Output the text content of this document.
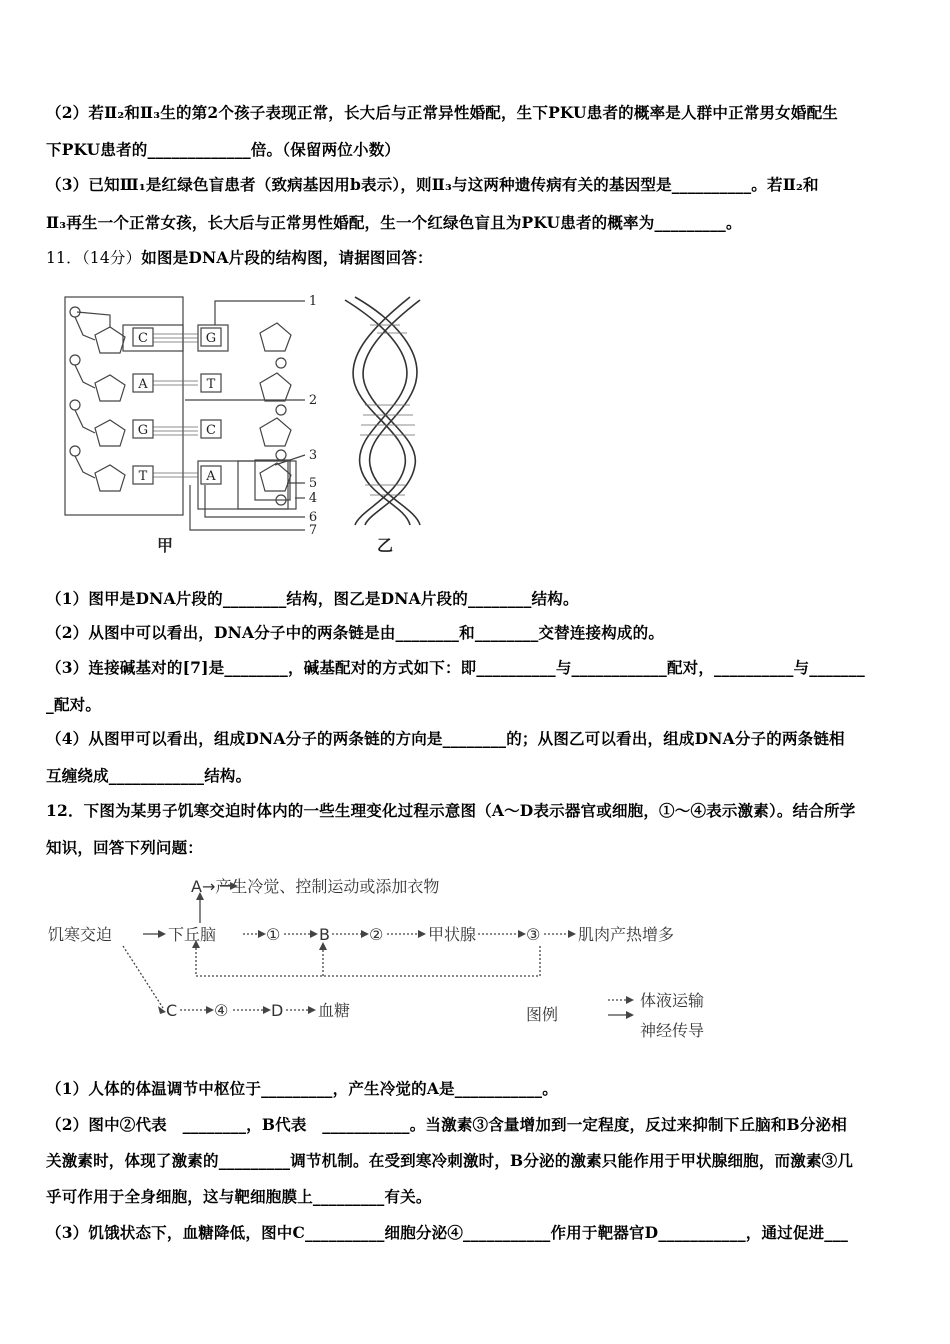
（2）若Ⅱ₂和Ⅱ₃生的第2个孩子表现正常，长大后与正常异性婚配，生下PKU患者的概率是人群中正常男女婚配生
下PKU患者的_____________倍。（保留两位小数）
（3）已知Ⅲ₁是红绿色盲患者（致病基因用b表示），则Ⅱ₃与这两种遗传病有关的基因型是__________。若Ⅱ₂和
Ⅱ₃再生一个正常女孩，长大后与正常男性婚配，生一个红绿色盲且为PKU患者的概率为_________。
11．（14分）如图是DNA片段的结构图，请据图回答：
C
A
G
T
G
T
C
A
1
2
3
5
4
6
7
甲	乙
（1）图甲是DNA片段的________结构，图乙是DNA片段的________结构。
（2）从图中可以看出，DNA分子中的两条链是由________和________交替连接构成的。
（3）连接碱基对的[7]是________，碱基配对的方式如下：即__________与____________配对，__________与_______
_配对。
（4）从图甲可以看出，组成DNA分子的两条链的方向是________的；从图乙可以看出，组成DNA分子的两条链相
互缠绕成____________结构。
12．下图为某男子饥寒交迫时体内的一些生理变化过程示意图（A～D表示器官或细胞，①～④表示激素）。结合所学
知识，回答下列问题：
A→产生冷觉、控制运动或添加衣物
饥寒交迫	下丘脑	① B ②	甲状腺	③ 肌肉产热增多
C ④	D 血糖	图例
体液运输
神经传导
（1）人体的体温调节中枢位于_________，产生冷觉的A是___________。
（2）图中②代表　________，B代表　___________。当激素③含量增加到一定程度，反过来抑制下丘脑和B分泌相
关激素时，体现了激素的_________调节机制。在受到寒冷刺激时，B分泌的激素只能作用于甲状腺细胞，而激素③几
乎可作用于全身细胞，这与靶细胞膜上_________有关。
（3）饥饿状态下，血糖降低，图中C__________细胞分泌④___________作用于靶器官D___________，通过促进___
